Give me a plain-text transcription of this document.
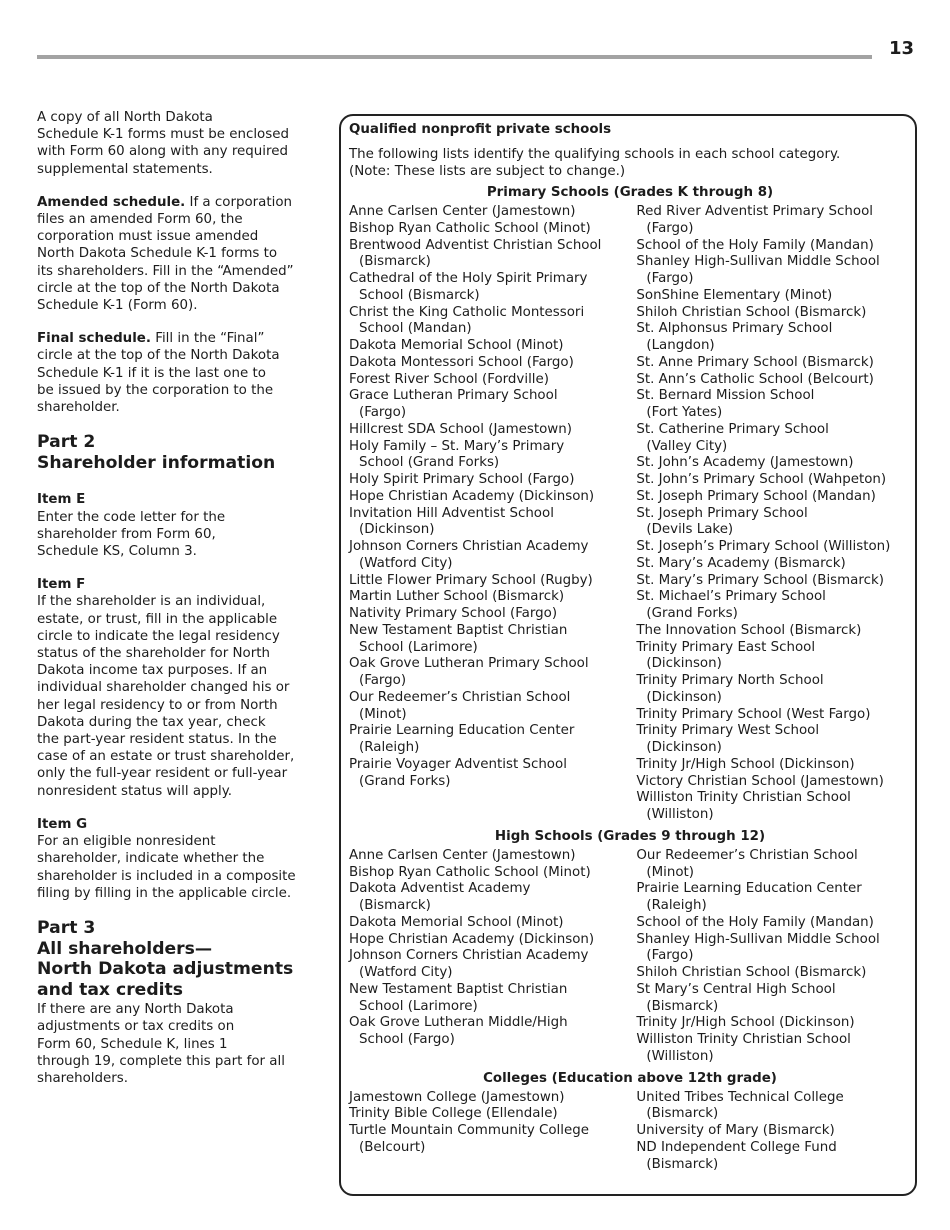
13

A copy of all North Dakota
Schedule K-1 forms must be enclosed
with Form 60 along with any required
supplemental statements.

Amended schedule. If a corporation
files an amended Form 60, the
corporation must issue amended
North Dakota Schedule K-1 forms to
its shareholders. Fill in the “Amended”
circle at the top of the North Dakota
Schedule K-1 (Form 60).

Final schedule. Fill in the “Final”
circle at the top of the North Dakota
Schedule K-1 if it is the last one to
be issued by the corporation to the
shareholder.

Part 2
Shareholder information
Item E

Enter the code letter for the
shareholder from Form 60,
Schedule KS, Column 3.

Item F

If the shareholder is an individual,
estate, or trust, fill in the applicable
circle to indicate the legal residency
status of the shareholder for North
Dakota income tax purposes. If an
individual shareholder changed his or
her legal residency to or from North
Dakota during the tax year, check
the part-year resident status. In the
case of an estate or trust shareholder,
only the full-year resident or full-year
nonresident status will apply.

Item G

For an eligible nonresident
shareholder, indicate whether the
shareholder is included in a composite
filing by filling in the applicable circle.

Part 3
All shareholders—
North Dakota adjustments
and tax credits

If there are any North Dakota
adjustments or tax credits on
Form 60, Schedule K, lines 1
through 19, complete this part for all
shareholders.

Qualified nonprofit private schools
The following lists identify the qualifying schools in each school category.
(Note: These lists are subject to change.)
Primary Schools (Grades K through 8)
Anne Carlsen Center (Jamestown)
Bishop Ryan Catholic School (Minot)
Brentwood Adventist Christian School
(Bismarck)
Cathedral of the Holy Spirit Primary
School (Bismarck)
Christ the King Catholic Montessori
School (Mandan)
Dakota Memorial School (Minot)
Dakota Montessori School (Fargo)
Forest River School (Fordville)
Grace Lutheran Primary School
(Fargo)
Hillcrest SDA School (Jamestown)
Holy Family – St. Mary’s Primary
School (Grand Forks)
Holy Spirit Primary School (Fargo)
Hope Christian Academy (Dickinson)
Invitation Hill Adventist School
(Dickinson)
Johnson Corners Christian Academy
(Watford City)
Little Flower Primary School (Rugby)
Martin Luther School (Bismarck)
Nativity Primary School (Fargo)
New Testament Baptist Christian
School (Larimore)
Oak Grove Lutheran Primary School
(Fargo)
Our Redeemer’s Christian School
(Minot)
Prairie Learning Education Center
(Raleigh)
Prairie Voyager Adventist School
(Grand Forks)
Red River Adventist Primary School
(Fargo)
School of the Holy Family (Mandan)
Shanley High-Sullivan Middle School
(Fargo)
SonShine Elementary (Minot)
Shiloh Christian School (Bismarck)
St. Alphonsus Primary School
(Langdon)
St. Anne Primary School (Bismarck)
St. Ann’s Catholic School (Belcourt)
St. Bernard Mission School
(Fort Yates)
St. Catherine Primary School
(Valley City)
St. John’s Academy (Jamestown)
St. John’s Primary School (Wahpeton)
St. Joseph Primary School (Mandan)
St. Joseph Primary School
(Devils Lake)
St. Joseph’s Primary School (Williston)
St. Mary’s Academy (Bismarck)
St. Mary’s Primary School (Bismarck)
St. Michael’s Primary School
(Grand Forks)
The Innovation School (Bismarck)
Trinity Primary East School
(Dickinson)
Trinity Primary North School
(Dickinson)
Trinity Primary School (West Fargo)
Trinity Primary West School
(Dickinson)
Trinity Jr/High School (Dickinson)
Victory Christian School (Jamestown)
Williston Trinity Christian School
(Williston)
High Schools (Grades 9 through 12)
Anne Carlsen Center (Jamestown)
Bishop Ryan Catholic School (Minot)
Dakota Adventist Academy
(Bismarck)
Dakota Memorial School (Minot)
Hope Christian Academy (Dickinson)
Johnson Corners Christian Academy
(Watford City)
New Testament Baptist Christian
School (Larimore)
Oak Grove Lutheran Middle/High
School (Fargo)
Our Redeemer’s Christian School
(Minot)
Prairie Learning Education Center
(Raleigh)
School of the Holy Family (Mandan)
Shanley High-Sullivan Middle School
(Fargo)
Shiloh Christian School (Bismarck)
St Mary’s Central High School
(Bismarck)
Trinity Jr/High School (Dickinson)
Williston Trinity Christian School
(Williston)
Colleges (Education above 12th grade)
Jamestown College (Jamestown)
Trinity Bible College (Ellendale)
Turtle Mountain Community College
(Belcourt)
United Tribes Technical College
(Bismarck)
University of Mary (Bismarck)
ND Independent College Fund
(Bismarck)
